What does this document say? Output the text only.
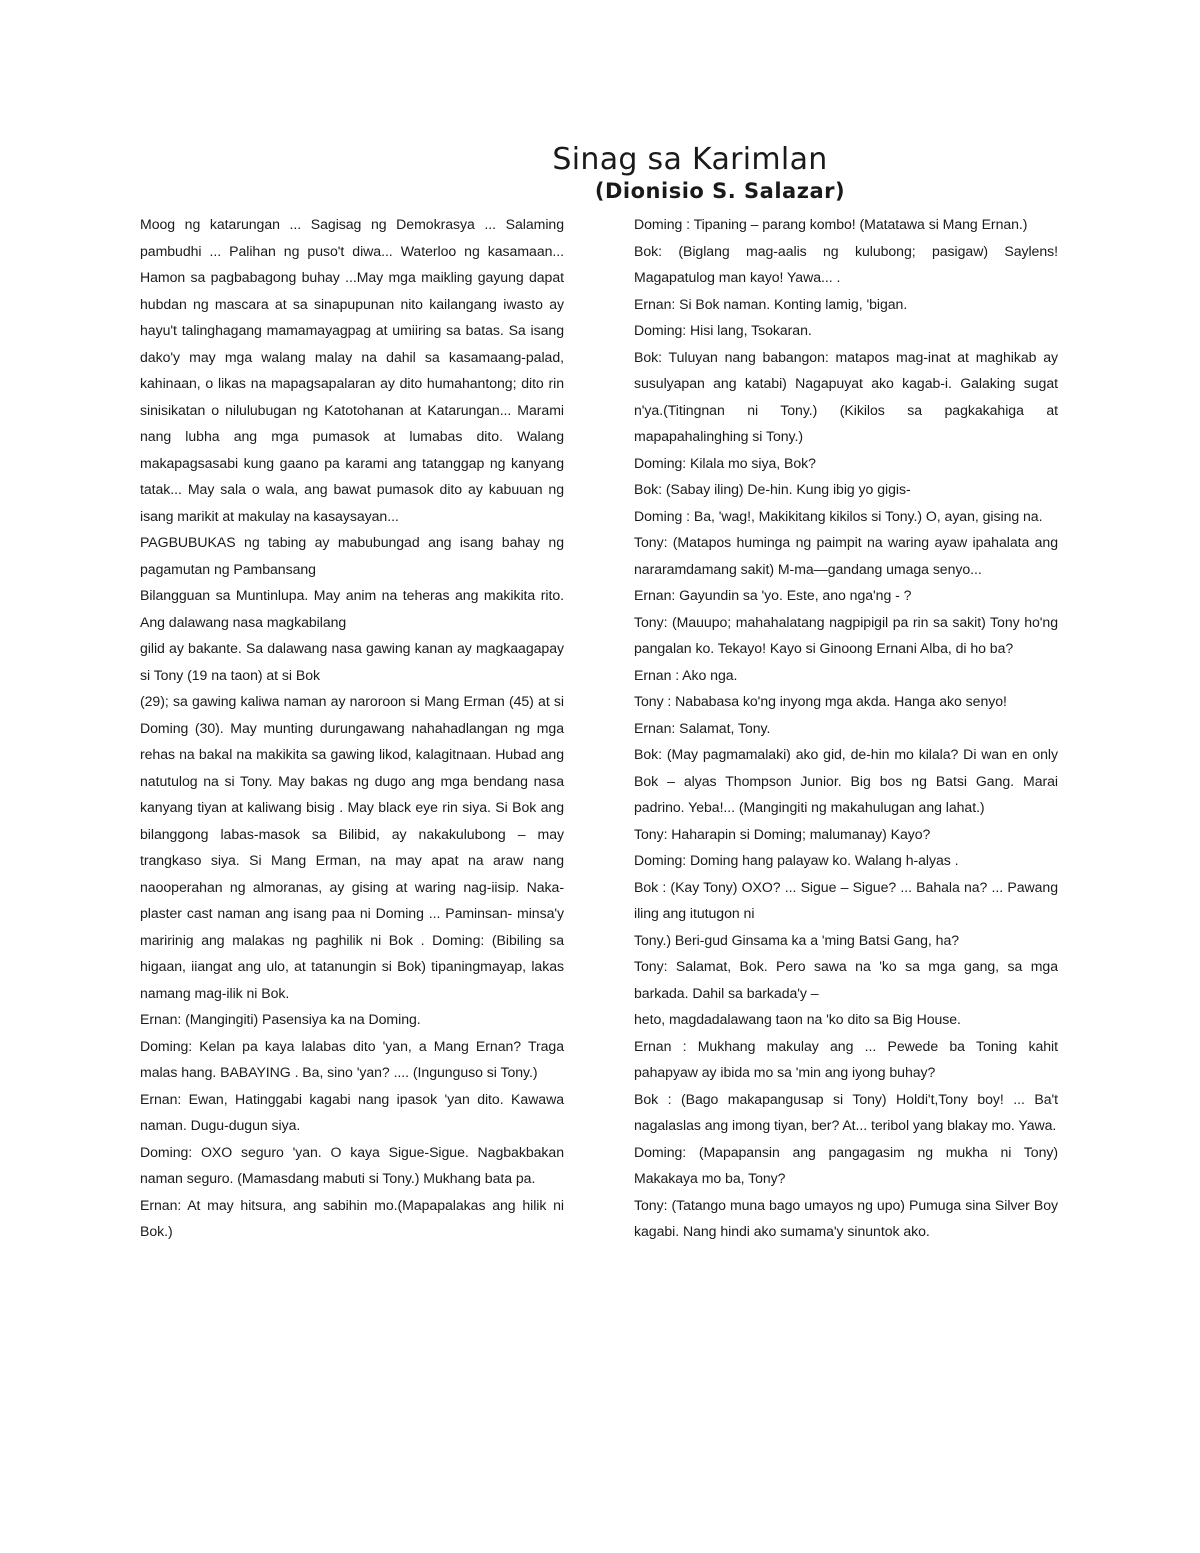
Sinag sa Karimlan
(Dionisio S. Salazar)

Moog ng katarungan ... Sagisag ng Demokrasya ... Salaming pambudhi ... Palihan ng puso't diwa... Waterloo ng kasamaan... Hamon sa pagbabagong buhay ...May mga maikling gayung dapat hubdan ng mascara at sa sinapupunan nito kailangang iwasto ay hayu't talinghagang mamamayagpag at umiiring sa batas. Sa isang dako'y may mga walang malay na dahil sa kasamaang-palad, kahinaan, o likas na mapagsapalaran ay dito humahantong; dito rin sinisikatan o nilulubugan ng Katotohanan at Katarungan... Marami nang lubha ang mga pumasok at lumabas dito. Walang makapagsasabi kung gaano pa karami ang tatanggap ng kanyang tatak... May sala o wala, ang bawat pumasok dito ay kabuuan ng isang marikit at makulay na kasaysayan...

PAGBUBUKAS ng tabing ay mabubungad ang isang bahay ng pagamutan ng Pambansang

Bilangguan sa Muntinlupa. May anim na teheras ang makikita rito. Ang dalawang nasa magkabilang

gilid ay bakante. Sa dalawang nasa gawing kanan ay magkaagapay si Tony (19 na taon) at si Bok

(29); sa gawing kaliwa naman ay naroroon si Mang Erman (45) at si Doming (30). May munting durungawang nahahadlangan ng mga rehas na bakal na makikita sa gawing likod, kalagitnaan. Hubad ang natutulog na si Tony. May bakas ng dugo ang mga bendang nasa kanyang tiyan at kaliwang bisig . May black eye rin siya. Si Bok ang bilanggong labas-masok sa Bilibid, ay nakakulubong – may trangkaso siya. Si Mang Erman, na may apat na araw nang naooperahan ng almoranas, ay gising at waring nag-iisip. Naka-plaster cast naman ang isang paa ni Doming ... Paminsan- minsa'y maririnig ang malakas ng paghilik ni Bok . Doming: (Bibiling sa higaan, iiangat ang ulo, at tatanungin si Bok) tipaningmayap, lakas namang mag-ilik ni Bok.

Ernan: (Mangingiti) Pasensiya ka na Doming.

Doming: Kelan pa kaya lalabas dito 'yan, a Mang Ernan? Traga malas hang. BABAYING . Ba, sino 'yan? .... (Ingunguso si Tony.)

Ernan: Ewan, Hatinggabi kagabi nang ipasok 'yan dito. Kawawa naman. Dugu-dugun siya.

Doming: OXO seguro 'yan. O kaya Sigue-Sigue. Nagbakbakan naman seguro. (Mamasdang mabuti si Tony.) Mukhang bata pa.

Ernan: At may hitsura, ang sabihin mo.(Mapapalakas ang hilik ni Bok.)

Doming : Tipaning – parang kombo! (Matatawa si Mang Ernan.)

Bok: (Biglang mag-aalis ng kulubong; pasigaw) Saylens! Magapatulog man kayo! Yawa... .

Ernan: Si Bok naman. Konting lamig, 'bigan.

Doming: Hisi lang, Tsokaran.

Bok: Tuluyan nang babangon: matapos mag-inat at maghikab ay susulyapan ang katabi) Nagapuyat ako kagab-i. Galaking sugat n'ya.(Titingnan ni Tony.) (Kikilos sa pagkakahiga at mapapahalinghing si Tony.)

Doming: Kilala mo siya, Bok?

Bok: (Sabay iling) De-hin. Kung ibig yo gigis-

Doming : Ba, 'wag!, Makikitang kikilos si Tony.) O, ayan, gising na.

Tony: (Matapos huminga ng paimpit na waring ayaw ipahalata ang nararamdamang sakit) M-ma—gandang umaga senyo...

Ernan: Gayundin sa 'yo. Este, ano nga'ng - ?

Tony: (Mauupo; mahahalatang nagpipigil pa rin sa sakit) Tony ho'ng pangalan ko. Tekayo! Kayo si Ginoong Ernani Alba, di ho ba?

Ernan : Ako nga.

Tony : Nababasa ko'ng inyong mga akda. Hanga ako senyo!

Ernan: Salamat, Tony.

Bok: (May pagmamalaki) ako gid, de-hin mo kilala? Di wan en only Bok – alyas Thompson Junior. Big bos ng Batsi Gang. Marai padrino. Yeba!... (Mangingiti ng makahulugan ang lahat.)

Tony: Haharapin si Doming; malumanay) Kayo?

Doming: Doming hang palayaw ko. Walang h-alyas .

Bok : (Kay Tony) OXO? ... Sigue – Sigue? ... Bahala na? ... Pawang iling ang itutugon ni

Tony.) Beri-gud Ginsama ka a 'ming Batsi Gang, ha?

Tony: Salamat, Bok. Pero sawa na 'ko sa mga gang, sa mga barkada. Dahil sa barkada'y –

heto, magdadalawang taon na 'ko dito sa Big House.

Ernan : Mukhang makulay ang ... Pewede ba Toning kahit pahapyaw ay ibida mo sa 'min ang iyong buhay?

Bok : (Bago makapangusap si Tony) Holdi't,Tony boy! ... Ba't nagalaslas ang imong tiyan, ber? At... teribol yang blakay mo. Yawa.

Doming: (Mapapansin ang pangagasim ng mukha ni Tony) Makakaya mo ba, Tony?

Tony: (Tatango muna bago umayos ng upo) Pumuga sina Silver Boy kagabi. Nang hindi ako sumama'y sinuntok ako.
